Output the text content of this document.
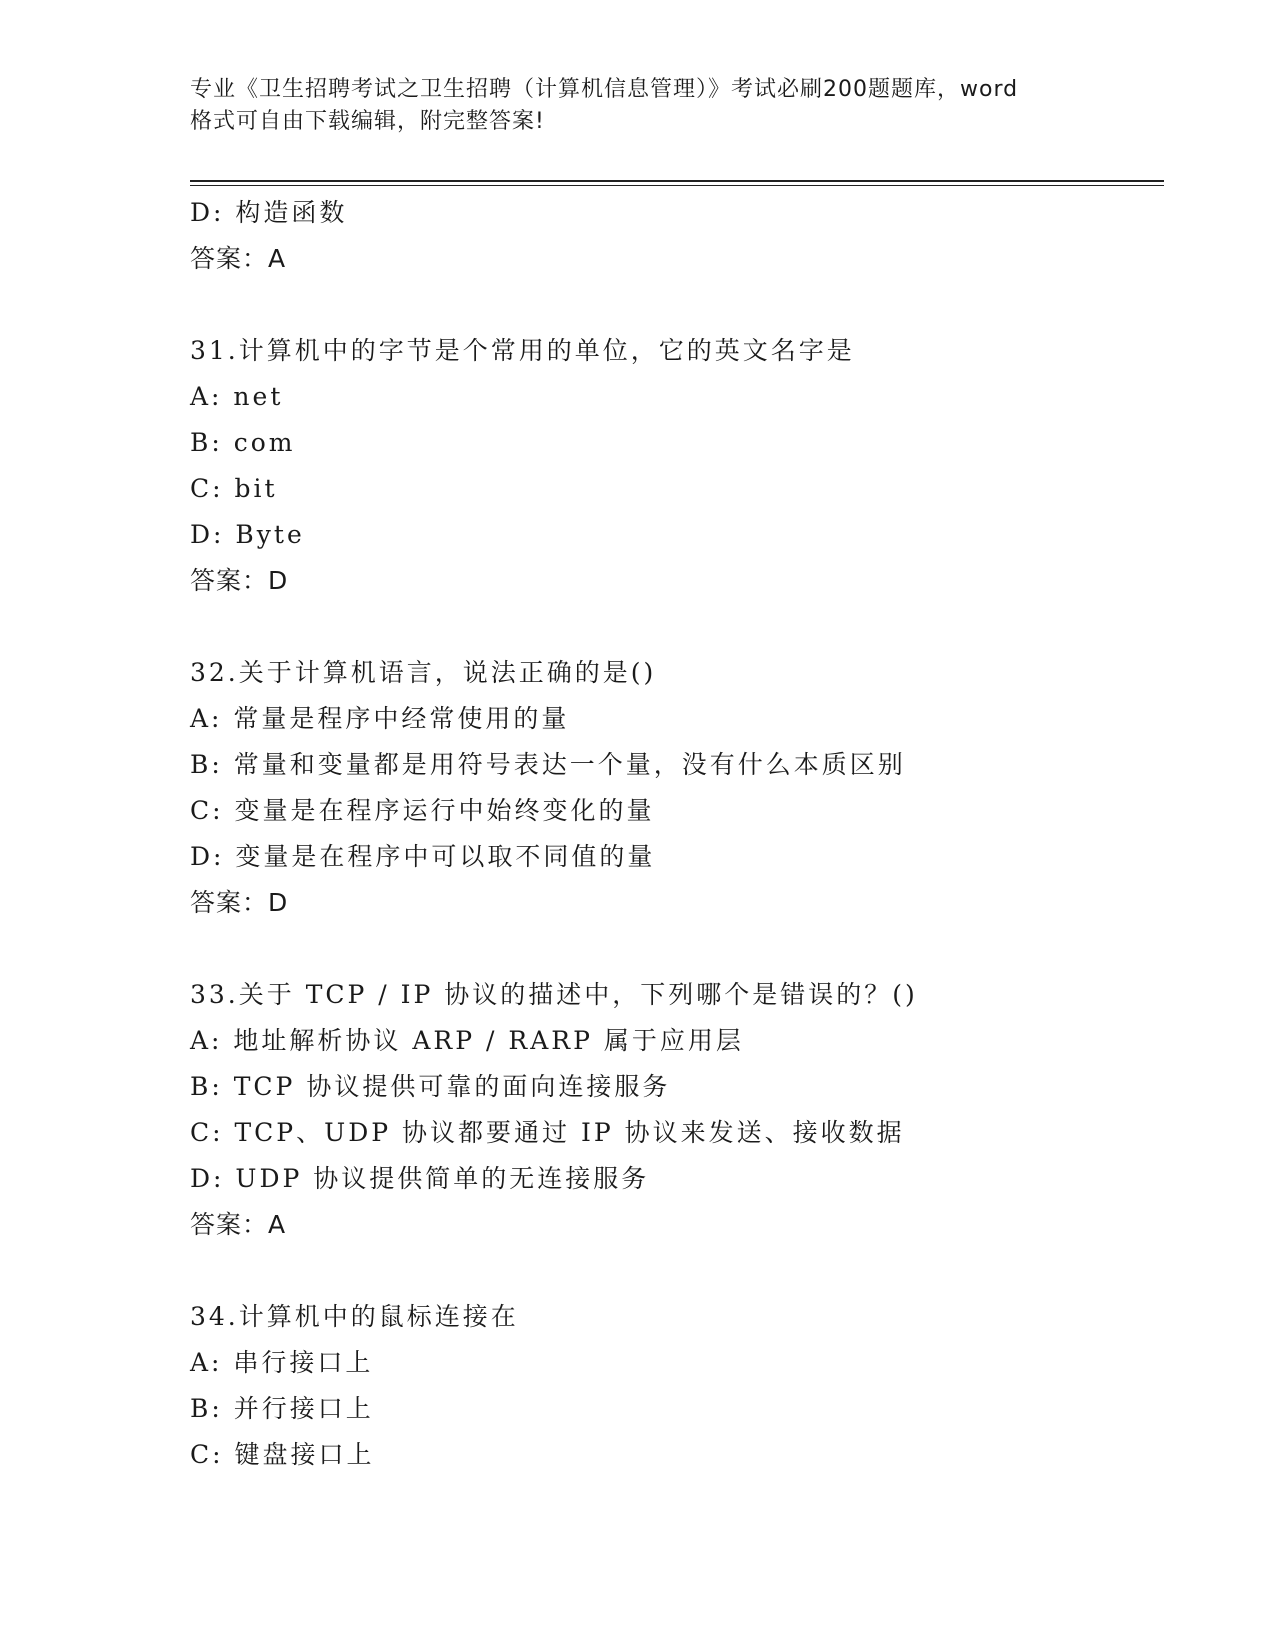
专业《卫生招聘考试之卫生招聘（计算机信息管理）》考试必刷200题题库，word
格式可自由下载编辑，附完整答案!
D: 构造函数
答案：A
31.计算机中的字节是个常用的单位，它的英文名字是
A: net
B: com
C: bit
D: Byte
答案：D
32.关于计算机语言，说法正确的是()
A: 常量是程序中经常使用的量
B: 常量和变量都是用符号表达一个量，没有什么本质区别
C: 变量是在程序运行中始终变化的量
D: 变量是在程序中可以取不同值的量
答案：D
33.关于 TCP / IP 协议的描述中，下列哪个是错误的？()
A: 地址解析协议 ARP / RARP 属于应用层
B: TCP 协议提供可靠的面向连接服务
C: TCP、UDP 协议都要通过 IP 协议来发送、接收数据
D: UDP 协议提供简单的无连接服务
答案：A
34.计算机中的鼠标连接在
A: 串行接口上
B: 并行接口上
C: 键盘接口上
